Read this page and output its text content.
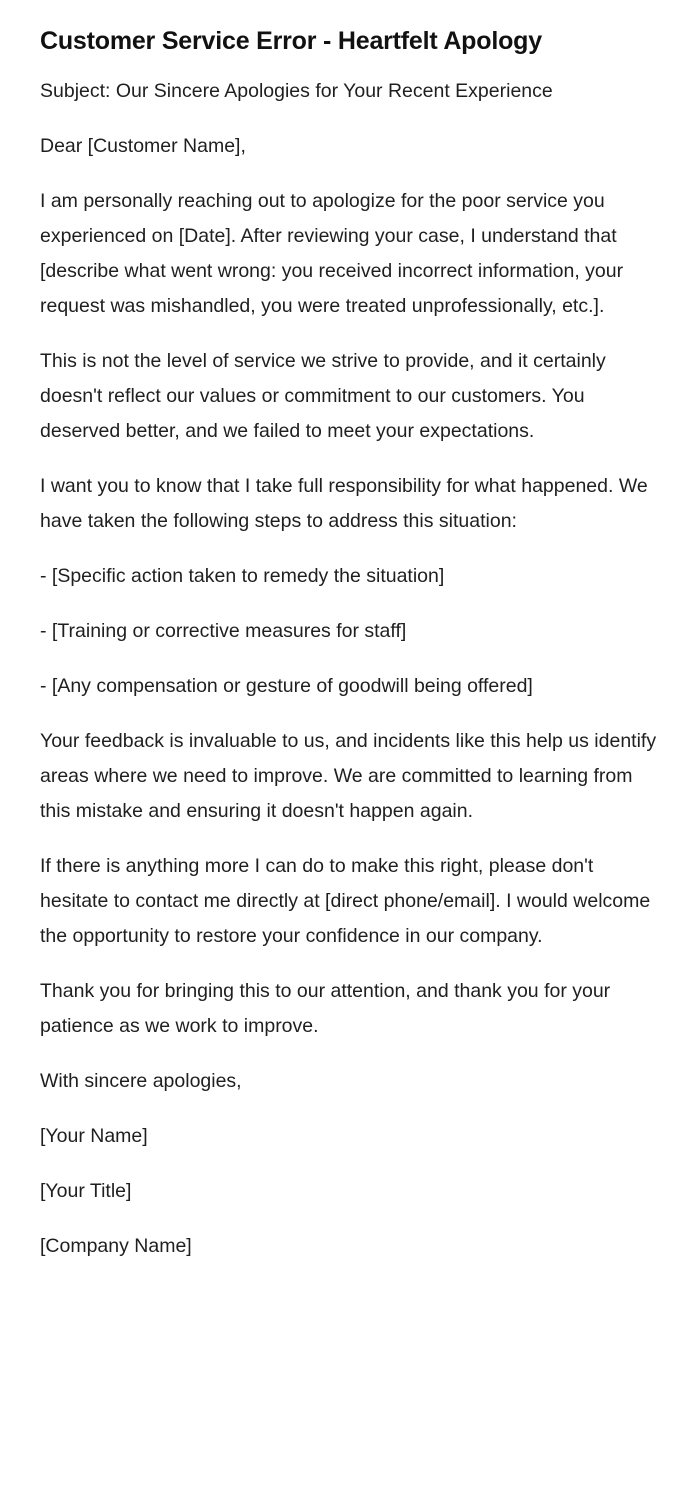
Customer Service Error - Heartfelt Apology

Subject: Our Sincere Apologies for Your Recent Experience

Dear [Customer Name],

I am personally reaching out to apologize for the poor service you experienced on [Date]. After reviewing your case, I understand that [describe what went wrong: you received incorrect information, your request was mishandled, you were treated unprofessionally, etc.].

This is not the level of service we strive to provide, and it certainly doesn't reflect our values or commitment to our customers. You deserved better, and we failed to meet your expectations.

I want you to know that I take full responsibility for what happened. We have taken the following steps to address this situation:

- [Specific action taken to remedy the situation]
- [Training or corrective measures for staff]
- [Any compensation or gesture of goodwill being offered]

Your feedback is invaluable to us, and incidents like this help us identify areas where we need to improve. We are committed to learning from this mistake and ensuring it doesn't happen again.

If there is anything more I can do to make this right, please don't hesitate to contact me directly at [direct phone/email]. I would welcome the opportunity to restore your confidence in our company.

Thank you for bringing this to our attention, and thank you for your patience as we work to improve.

With sincere apologies,

[Your Name]

[Your Title]

[Company Name]
